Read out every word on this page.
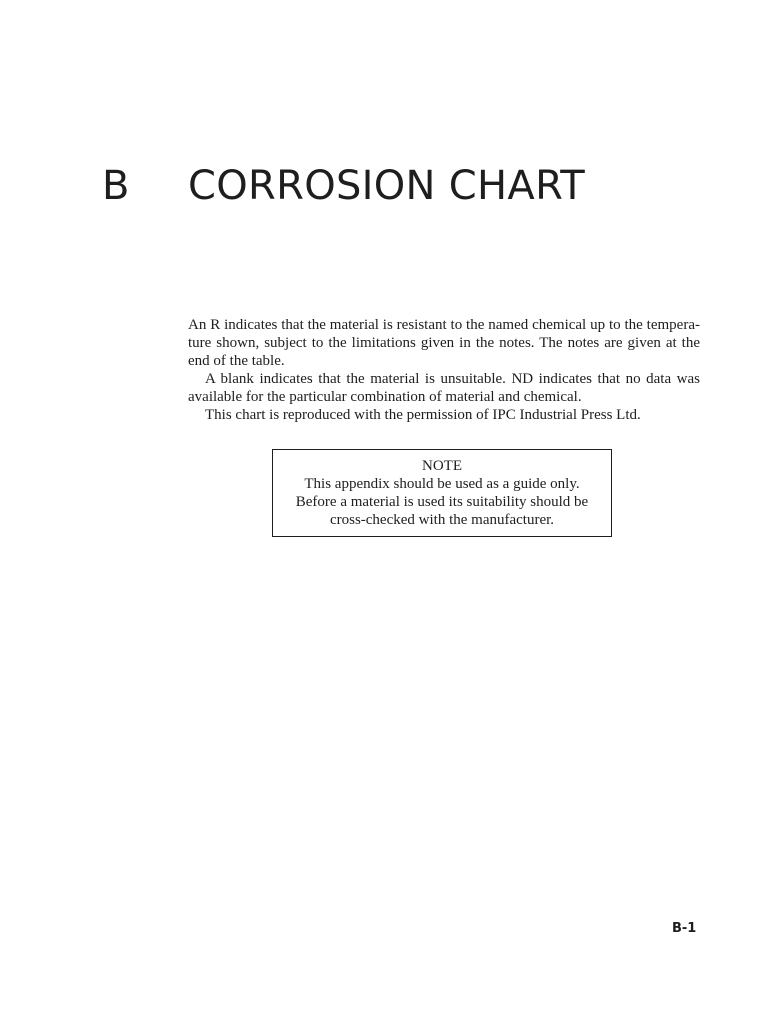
B CORROSION CHART

An R indicates that the material is resistant to the named chemical up to the temperature shown, subject to the limitations given in the notes. The notes are given at the end of the table.

A blank indicates that the material is unsuitable. ND indicates that no data was available for the particular combination of material and chemical.

This chart is reproduced with the permission of IPC Industrial Press Ltd.

NOTE
This appendix should be used as a guide only.
Before a material is used its suitability should be
cross-checked with the manufacturer.
B-1
